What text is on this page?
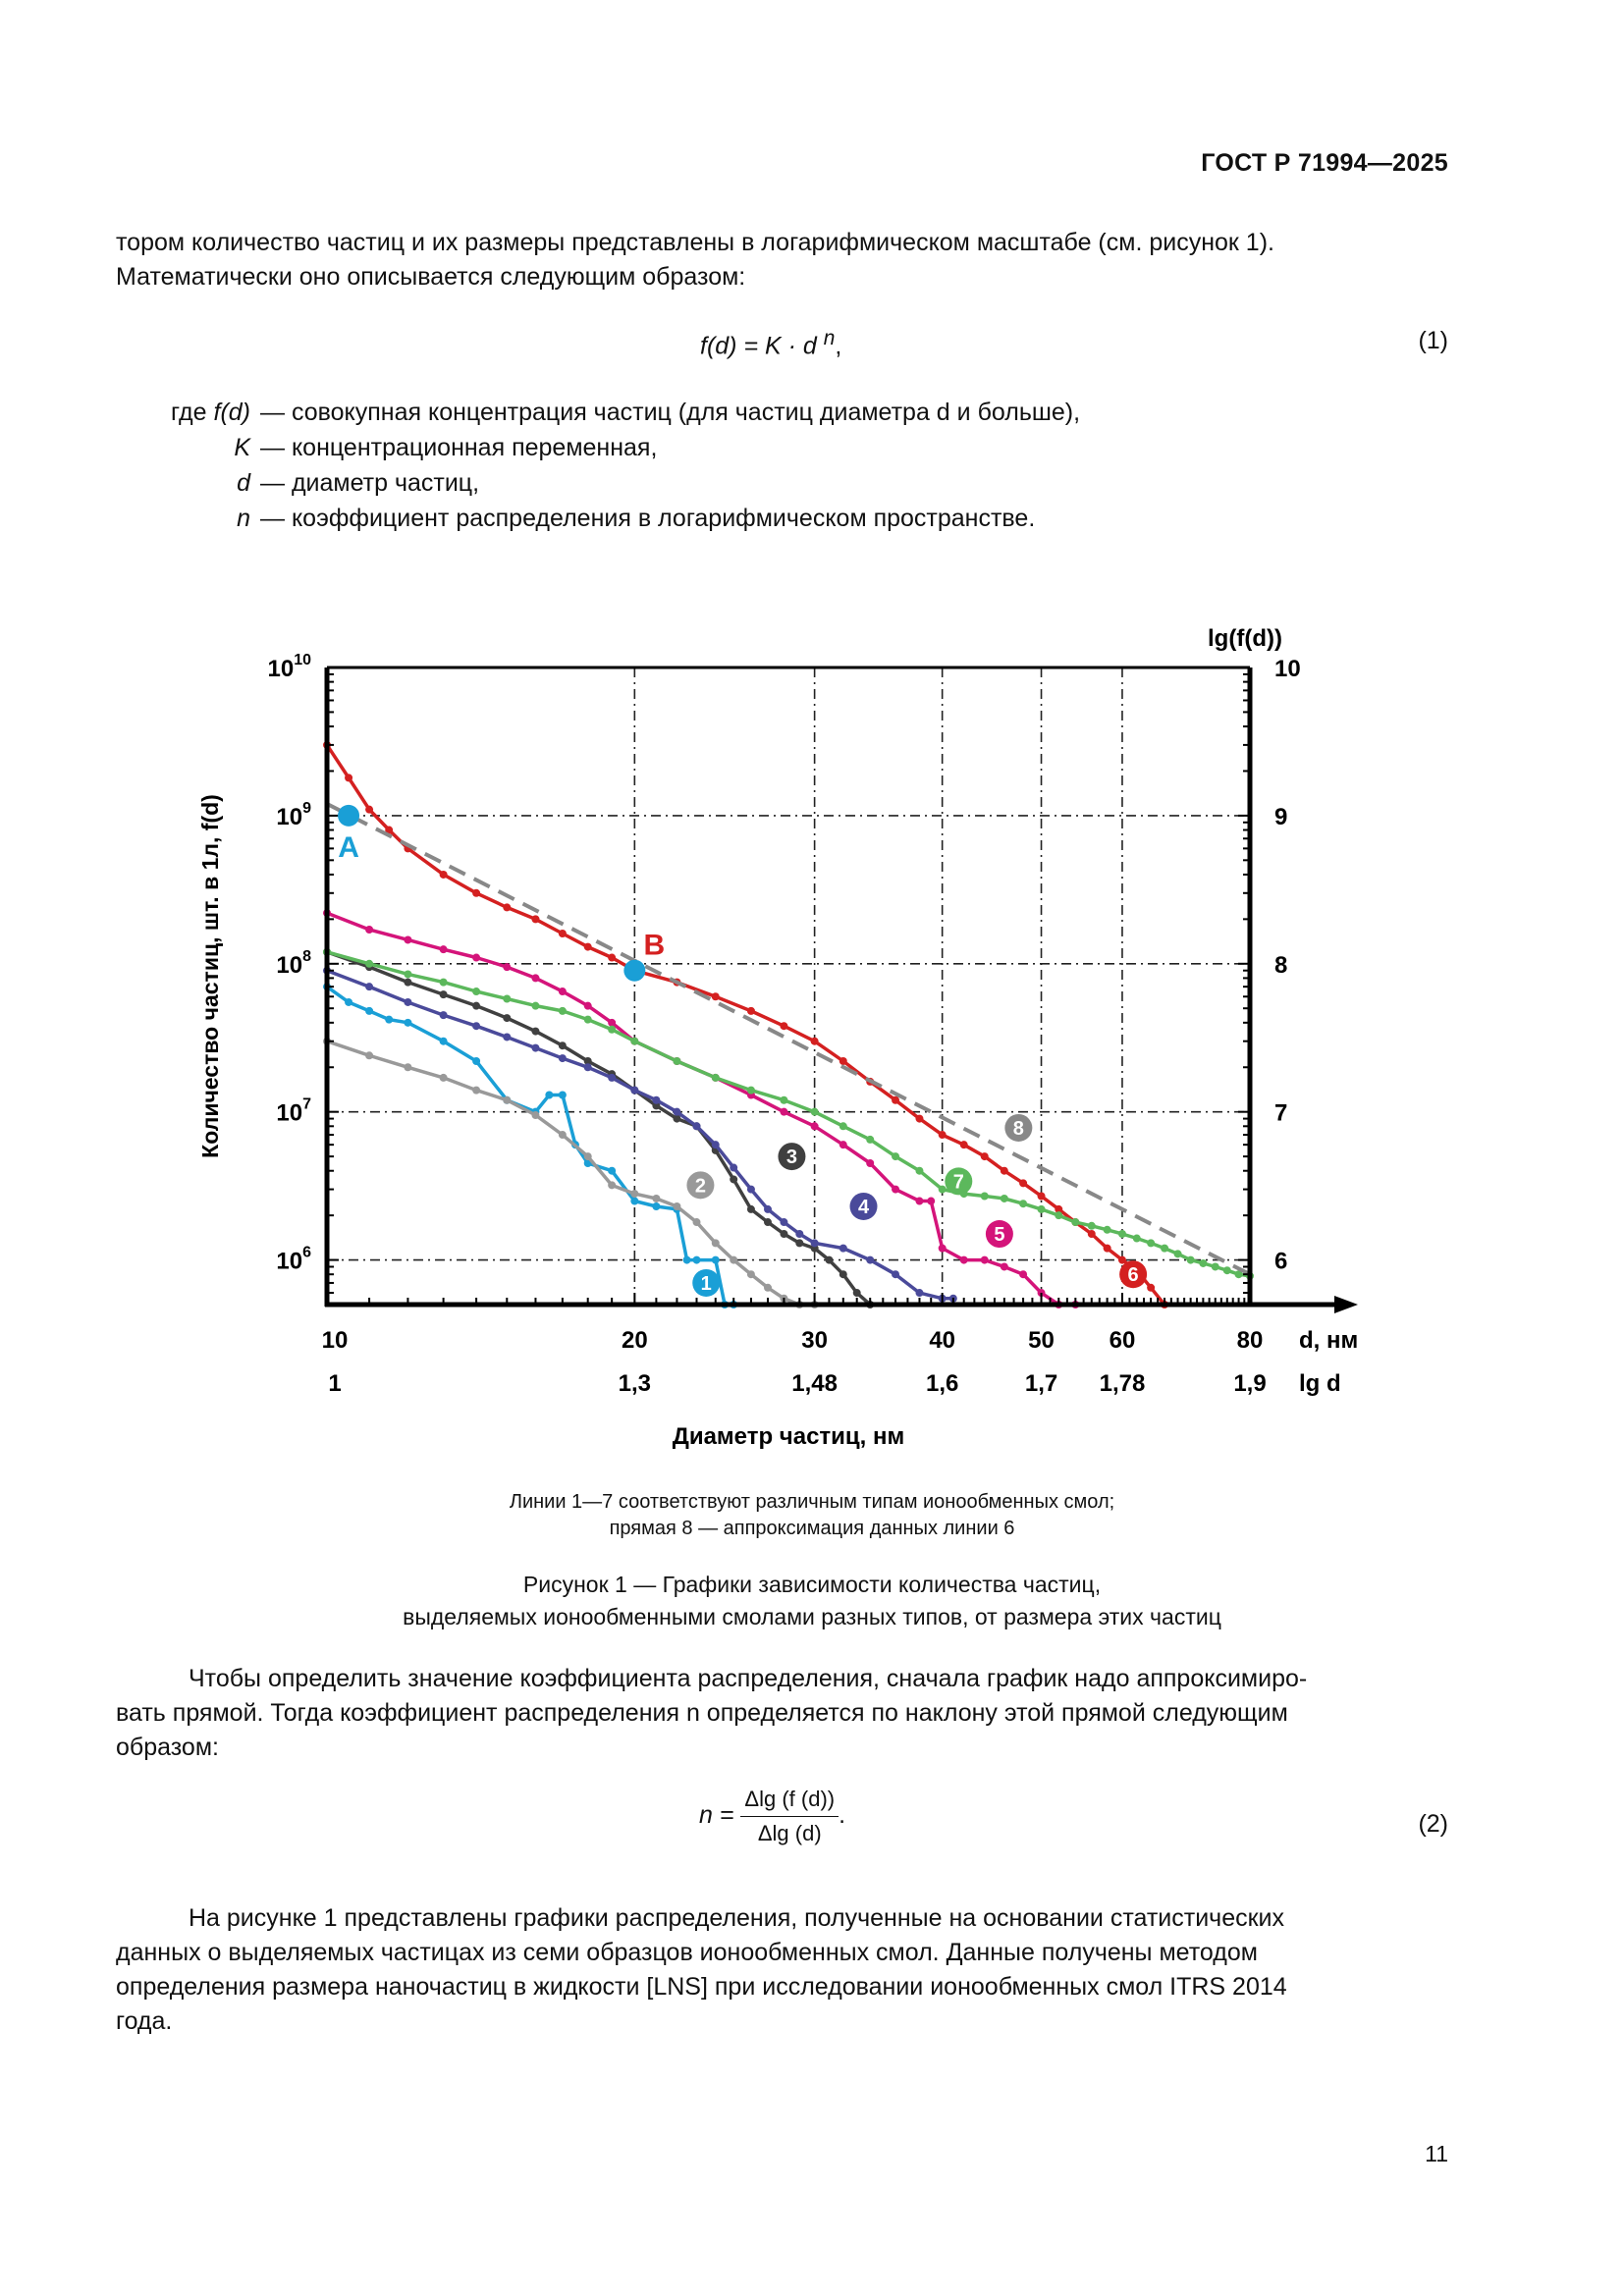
ГОСТ Р 71994—2025
тором количество частиц и их размеры представлены в логарифмическом масштабе (см. рисунок 1).
Математически оно описывается следующим образом:
f(d) = K · d $^n$,	(1)
где f(d) — совокупная концентрация частиц (для частиц диаметра d и больше),
K — концентрационная переменная,
d — диаметр частиц,
n — коэффициент распределения в логарифмическом пространстве.
$10^{10}$
$10^9$
$10^8$
$10^7$
$10^6$
10
9
8
7
6
lg(f(d))
10
1
20
1,3
30
1,48
40
1,6
50
1,7
60
1,78
80
1,9
d, нм
lg d
Диаметр частиц, нм
Количество частиц, шт. в 1л, f(d)
1
2
3
4
5
6
7
8
A
B
Линии 1—7 соответствуют различным типам ионообменных смол;
прямая 8 — аппроксимация данных линии 6
Рисунок 1 — Графики зависимости количества частиц,
выделяемых ионообменными смолами разных типов, от размера этих частиц
Чтобы определить значение коэффициента распределения, сначала график надо аппроксимиро-
вать прямой. Тогда коэффициент распределения n определяется по наклону этой прямой следующим
образом:
$n = \frac{\Delta\lg (f (d))}{\Delta\lg (d)}$ .	(2)
На рисунке 1 представлены графики распределения, полученные на основании статистических
данных о выделяемых частицах из семи образцов ионообменных смол. Данные получены методом
определения размера наночастиц в жидкости [LNS] при исследовании ионообменных смол ITRS 2014
года.
11
